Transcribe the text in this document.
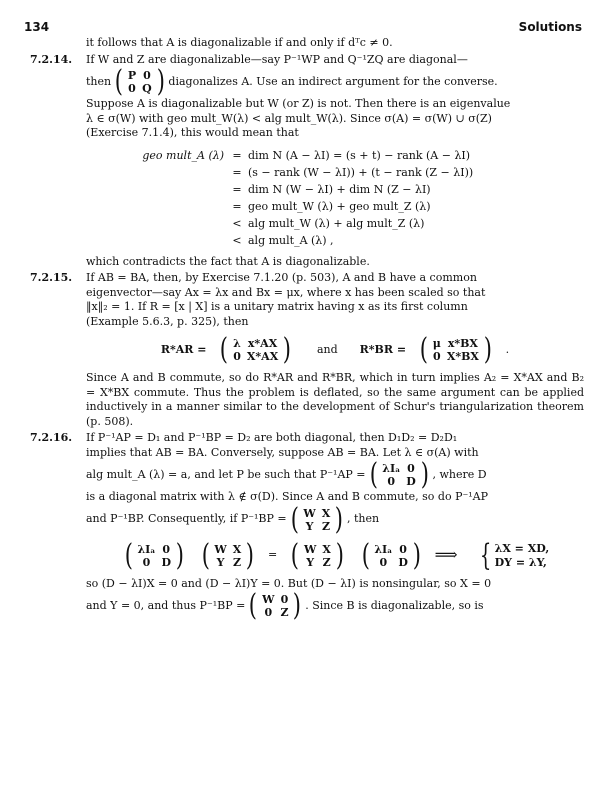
134	Solutions

it follows that A is diagonalizable if and only if dᵀc ≠ 0.

7.2.14. If W and Z are diagonalizable—say P⁻¹WP and Q⁻¹ZQ are diagonal—
then ( P	0
0	Q ) diagonalizes A. Use an indirect argument for the converse.
Suppose A is diagonalizable but W (or Z) is not. Then there is an eigenvalue
λ ∈ σ(W) with geo mult_W(λ) < alg mult_W(λ). Since σ(A) = σ(W) ∪ σ(Z)
(Exercise 7.1.4), this would mean that
geo mult_A (λ) = dim N (A − λI) = (s + t) − rank (A − λI)
= (s − rank (W − λI)) + (t − rank (Z − λI))
= dim N (W − λI) + dim N (Z − λI)
= geo mult_W (λ) + geo mult_Z (λ)
< alg mult_W (λ) + alg mult_Z (λ)
< alg mult_A (λ) ,
which contradicts the fact that A is diagonalizable.
7.2.15. If AB = BA, then, by Exercise 7.1.20 (p. 503), A and B have a common
eigenvector—say Ax = λx and Bx = μx, where x has been scaled so that
‖x‖₂ = 1. If R = [x | X] is a unitary matrix having x as its first column
(Example 5.6.3, p. 325), then
R*AR = ( λ	x*AX
0	X*AX ) and R*BR = ( μ	x*BX
0	X*BX ) .

Since A and B commute, so do R*AR and R*BR, which in turn implies A₂ = X*AX and B₂ = X*BX commute. Thus the problem is deflated, so the same argument can be applied inductively in a manner similar to the development of Schur's triangularization theorem (p. 508).

7.2.16. If P⁻¹AP = D₁ and P⁻¹BP = D₂ are both diagonal, then D₁D₂ = D₂D₁
implies that AB = BA. Conversely, suppose AB = BA. Let λ ∈ σ(A) with
alg mult_A (λ) = a, and let P be such that P⁻¹AP = ( λIₐ	0
0	D ) , where D
is a diagonal matrix with λ ∉ σ(D). Since A and B commute, so do P⁻¹AP
and P⁻¹BP. Consequently, if P⁻¹BP = ( W	X
Y	Z ) , then
( λIₐ	0
0	D ) ( W	X
Y	Z ) = ( W	X
Y	Z ) ( λIₐ	0
0	D ) ⟹ { λX = XD,
DY = λY,
so (D − λI)X = 0 and (D − λI)Y = 0. But (D − λI) is nonsingular, so X = 0
and Y = 0, and thus P⁻¹BP = ( W	0
0	Z ) . Since B is diagonalizable, so is
